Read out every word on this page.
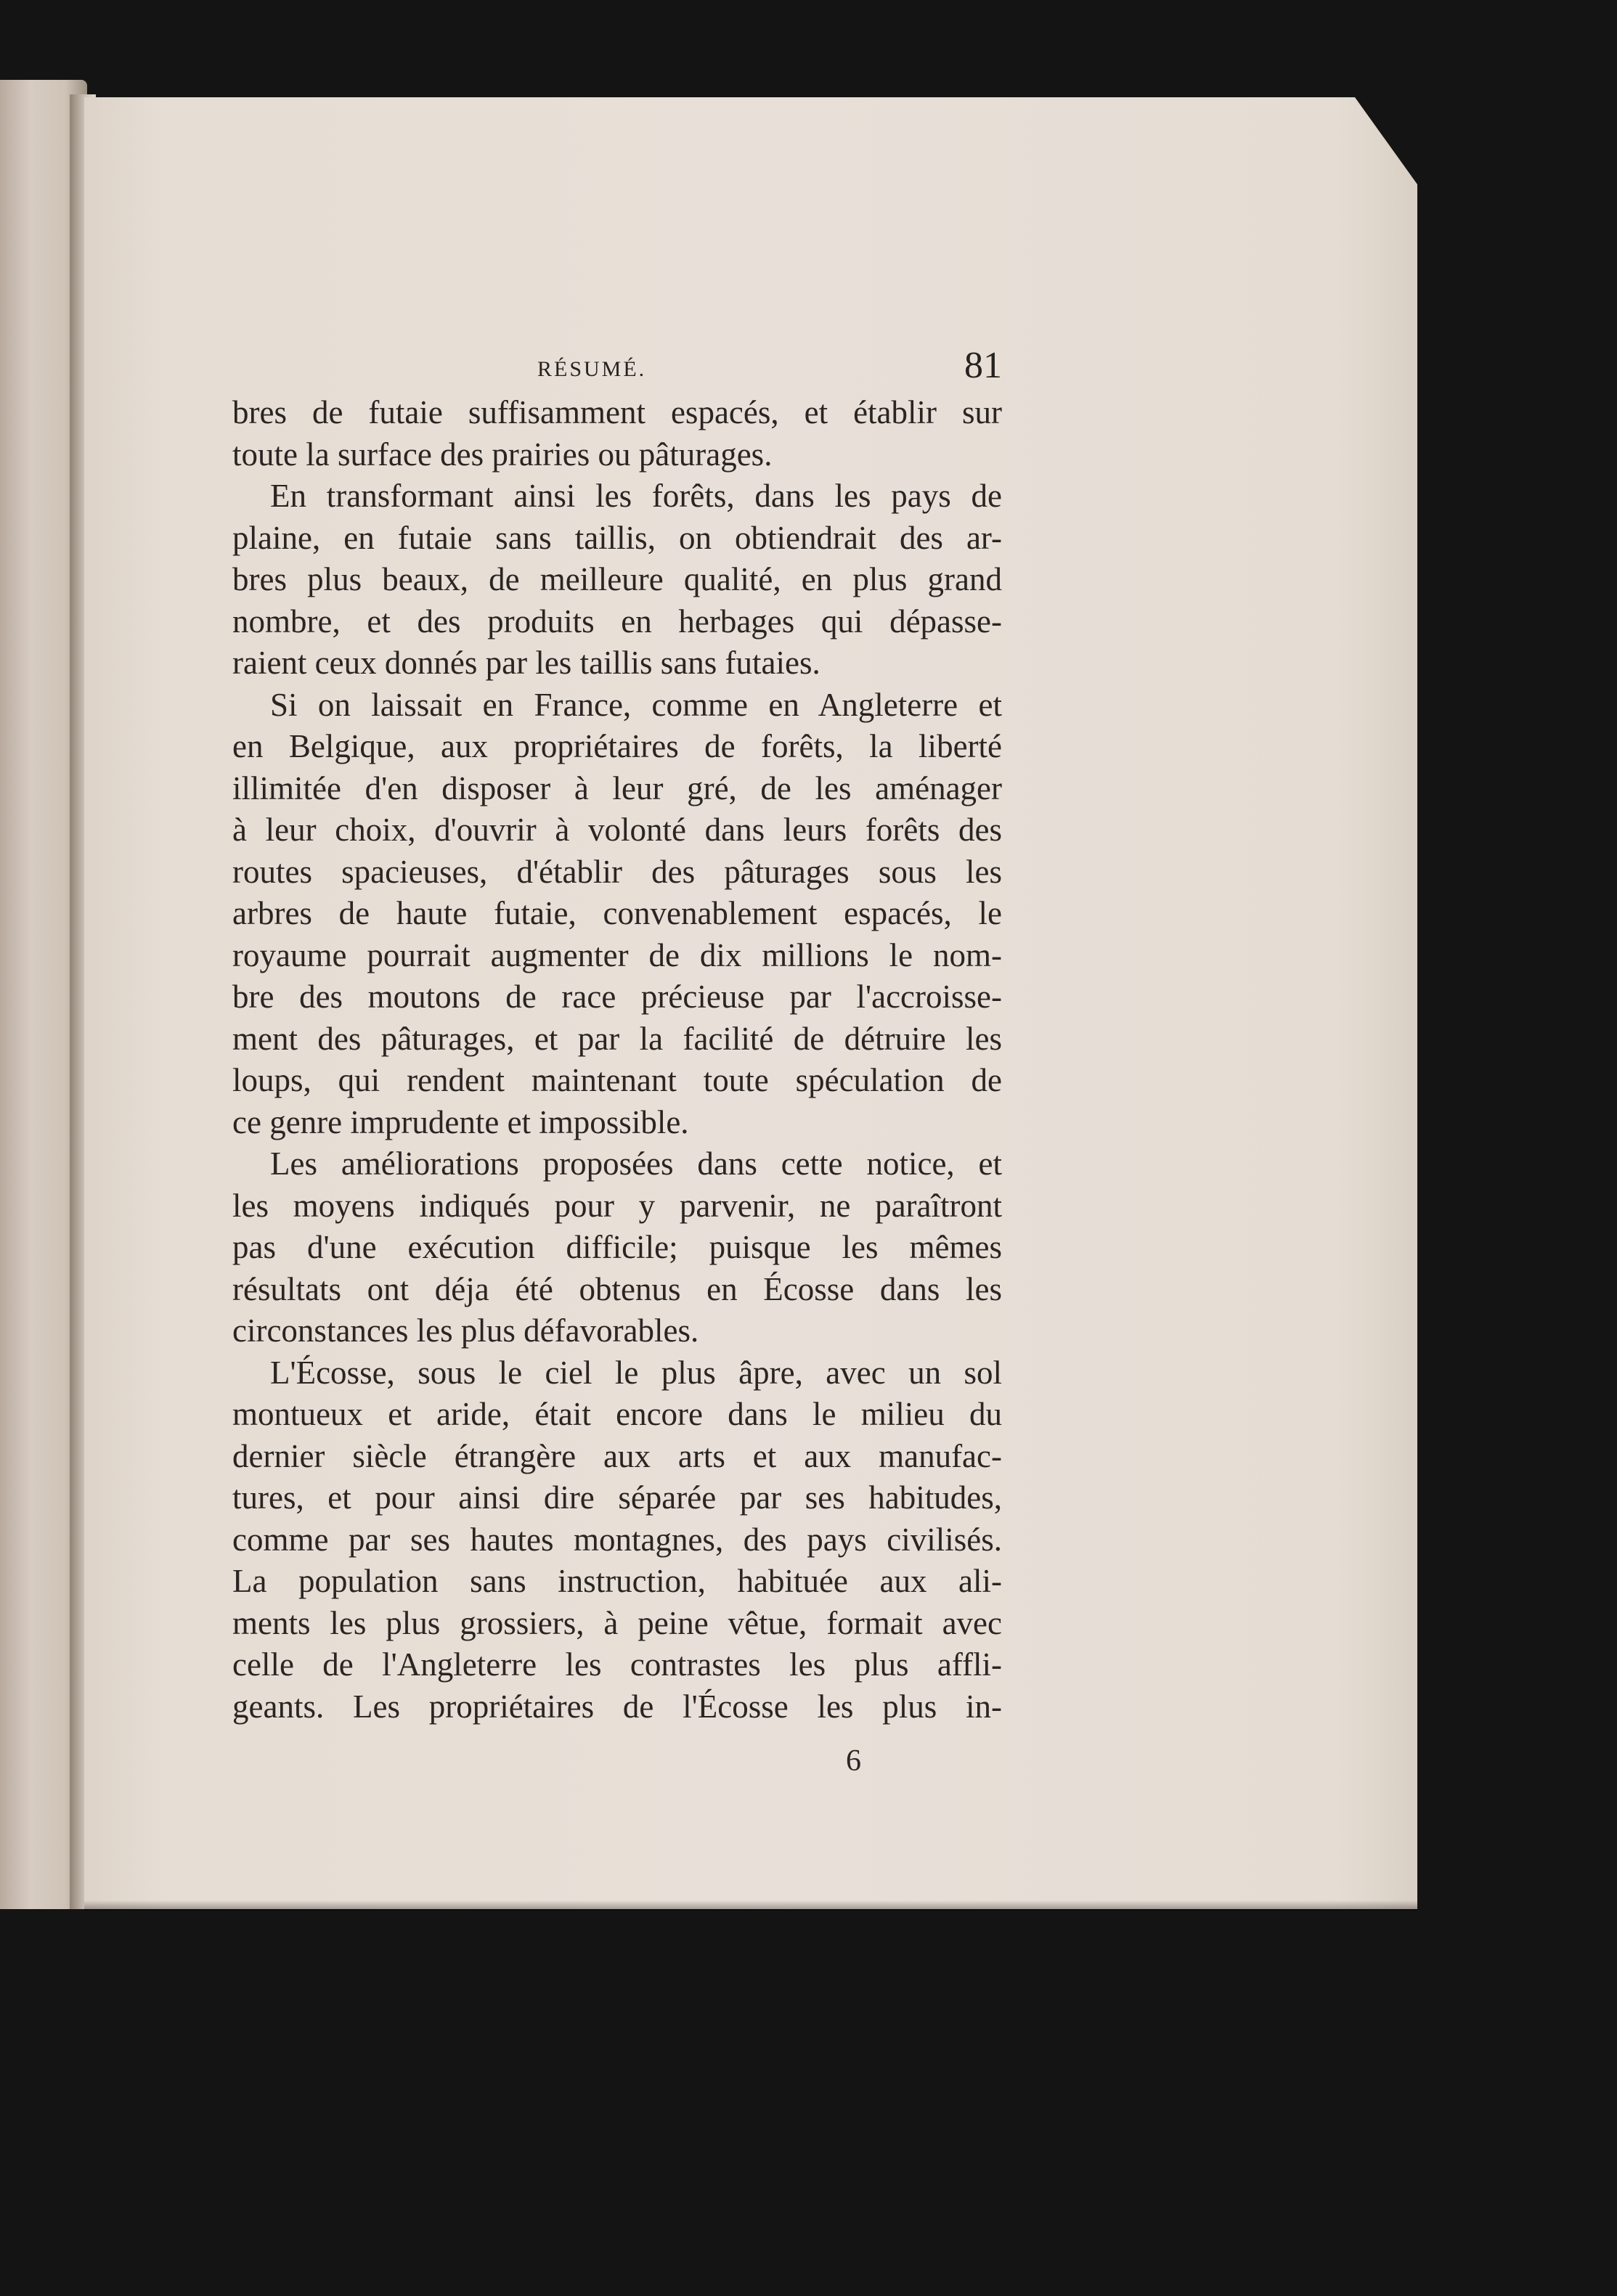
RÉSUMÉ.	81
bres de futaie suffisamment espacés, et établir sur
toute la surface des prairies ou pâturages.
En transformant ainsi les forêts, dans les pays de
plaine, en futaie sans taillis, on obtiendrait des ar-
bres plus beaux, de meilleure qualité, en plus grand
nombre, et des produits en herbages qui dépasse-
raient ceux donnés par les taillis sans futaies.
Si on laissait en France, comme en Angleterre et
en Belgique, aux propriétaires de forêts, la liberté
illimitée d'en disposer à leur gré, de les aménager
à leur choix, d'ouvrir à volonté dans leurs forêts des
routes spacieuses, d'établir des pâturages sous les
arbres de haute futaie, convenablement espacés, le
royaume pourrait augmenter de dix millions le nom-
bre des moutons de race précieuse par l'accroisse-
ment des pâturages, et par la facilité de détruire les
loups, qui rendent maintenant toute spéculation de
ce genre imprudente et impossible.
Les améliorations proposées dans cette notice, et
les moyens indiqués pour y parvenir, ne paraîtront
pas d'une exécution difficile; puisque les mêmes
résultats ont déja été obtenus en Écosse dans les
circonstances les plus défavorables.
L'Écosse, sous le ciel le plus âpre, avec un sol
montueux et aride, était encore dans le milieu du
dernier siècle étrangère aux arts et aux manufac-
tures, et pour ainsi dire séparée par ses habitudes,
comme par ses hautes montagnes, des pays civilisés.
La population sans instruction, habituée aux ali-
ments les plus grossiers, à peine vêtue, formait avec
celle de l'Angleterre les contrastes les plus affli-
geants. Les propriétaires de l'Écosse les plus in-
6
